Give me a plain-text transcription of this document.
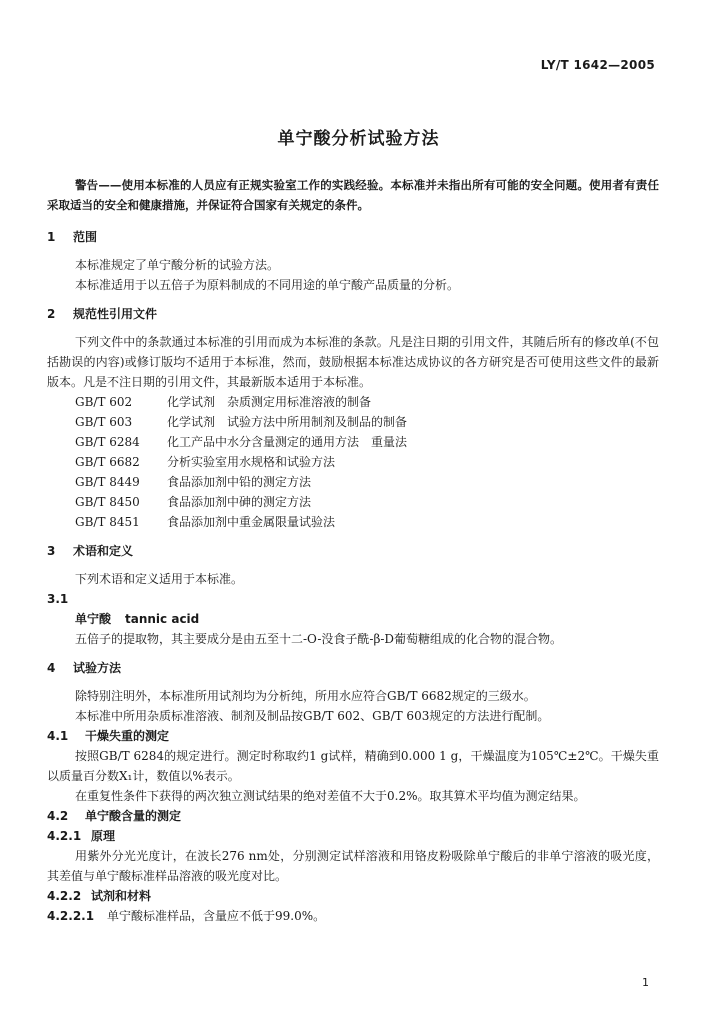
LY/T 1642—2005
单宁酸分析试验方法

警告——使用本标准的人员应有正规实验室工作的实践经验。本标准并未指出所有可能的安全问题。使用者有责任采取适当的安全和健康措施，并保证符合国家有关规定的条件。

1 范围

本标准规定了单宁酸分析的试验方法。

本标准适用于以五倍子为原料制成的不同用途的单宁酸产品质量的分析。

2 规范性引用文件

下列文件中的条款通过本标准的引用而成为本标准的条款。凡是注日期的引用文件，其随后所有的修改单(不包括勘误的内容)或修订版均不适用于本标准，然而，鼓励根据本标准达成协议的各方研究是否可使用这些文件的最新版本。凡是不注日期的引用文件，其最新版本适用于本标准。

GB/T 602	化学试剂　杂质测定用标准溶液的制备

GB/T 603	化学试剂　试验方法中所用制剂及制品的制备

GB/T 6284 化工产品中水分含量测定的通用方法　重量法

GB/T 6682 分析实验室用水规格和试验方法

GB/T 8449 食品添加剂中铅的测定方法

GB/T 8450 食品添加剂中砷的测定方法

GB/T 8451 食品添加剂中重金属限量试验法

3 术语和定义

下列术语和定义适用于本标准。

3.1

单宁酸 tannic acid

五倍子的提取物，其主要成分是由五至十二-O-没食子酰-β-D葡萄糖组成的化合物的混合物。

4 试验方法

除特别注明外，本标准所用试剂均为分析纯，所用水应符合GB/T 6682规定的三级水。

本标准中所用杂质标准溶液、制剂及制品按GB/T 602、GB/T 603规定的方法进行配制。

4.1 干燥失重的测定

按照GB/T 6284的规定进行。测定时称取约1 g试样，精确到0.000 1 g，干燥温度为105℃±2℃。干燥失重以质量百分数X₁计，数值以%表示。

在重复性条件下获得的两次独立测试结果的绝对差值不大于0.2%。取其算术平均值为测定结果。

4.2 单宁酸含量的测定
4.2.1 原理

用紫外分光光度计，在波长276 nm处，分别测定试样溶液和用铬皮粉吸除单宁酸后的非单宁溶液的吸光度，其差值与单宁酸标准样品溶液的吸光度对比。

4.2.2 试剂和材料

4.2.2.1 单宁酸标准样品，含量应不低于99.0%。

1
